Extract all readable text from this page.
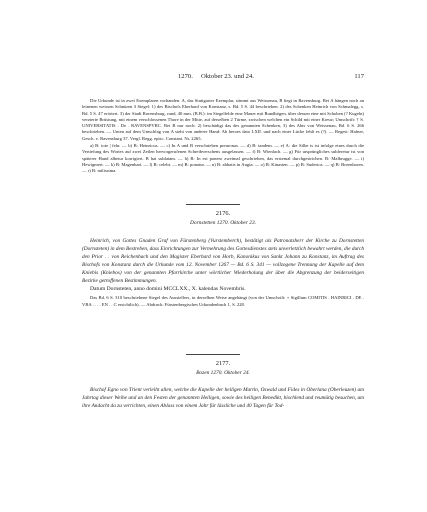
1270. Oktober 23. und 24.	117

Die Urkunde ist in zwei Exemplaren vorhanden. A, das Stuttgarter Exemplar, stimmt aus Weissenau, B liegt in Ravensburg. Bei A hängen noch an leinenen weissen Schnüren 3 Siegel: 1) des Bischofs Eberhard von Konstanz, s. Bd. 5 S. 44 beschrieben. 2) des Schenken Heinrich von Schmalegg, s. Bd. 5 S. 47 erörtert. 3) der Stadt Ravensburg, rund, 40 mm, (B.B.): im Siegelfelde eine Mauer mit Rundbögen, über dessen eine mit Schoben (? Kugeln) verzierte Brüstung, mit einem verschlossenen Thore in der Mitte, auf derselben 2 Türme, zwischen welchen ein Schild mit einer Kreuz; Umschrift: † S. UNIVERSITATIS . De . RAVENSPVRC. Bei B nur noch: 2) beschädigt das des genannten Schenken, 3) des Abts von Weissenau, Bd. 6 S. 266 beschrieben. — Unten auf dem Umschlag von A steht von anderer Hand: Ab heroes dato LXII. und nach einer Lücke fehlt es (?). — Regest: Hafner, Gesch. v. Ravensburg 37. Vergl. Regg. episc. Constant. Nr. 2265.

a) B: tote | fehr. — b) B: Heinricus. — c) In A und B verschrieben preuronas. — d) B: tandem. — e) A: die Silbe is ist infolge eines durch die Vertiefung des Wortes auf zwei Zeilen hervorgerufenen Schreibverschens ausgelassen. — f) B: Wienlach. — g) Für ursprüngliches subleretur ist von späterer Hand albetur korrigiert. B hat sublatam. — h) B: In est ponero zweimal geschrieben, das erstemal durchgestrichen. B: Malbrugge. — i) Hewigmert. — k) B: Magenhart. — l) B: celebt. — m) B: ponatur. — n) B: abbatis in Augia. — o) B: Kinasten. — p) B: Suderica. — q) B: Borenhoren. — r) B: milissima.

2176.

Dornstetten 1270. Oktober 23.

Heinrich, von Gottes Gnaden Graf von Fürstenberg (Vurstemberch), bestätigt als Patronatsherr der Kirche zu Dornstetten (Dornsteten) in dem Bestreben, dass Einrichtungen zur Vermehrung des Gottesdienstes stets unverletzlich bewahrt werden, die durch den Prior . . von Reichenbach und den Magister Eberhard von Horb, Kanonikus von Sankt Johann zu Konstanz, im Auftrag des Bischofs von Konstanz durch die Urkunde vom 12. November 1267 — Bd. 6 S. 341 — vollzogene Trennung der Kapelle auf dem Kniebis (Kniebos) von der genannten Pfarrkirche unter wörtlicher Wiederholung der über die Abgrenzung der beiderseitigen Bezirke getroffenen Bestimmungen.

Datum Dornsteten, anno domini MCCLXX., X. kalendas Novembris.

Das Bd. 6 S. 310 beschriebene Siegel des Ausstellers, in derselben Weise angehängt (von der Umschrift: + Sigillum COMITIS . HAINRICI . DE . VRA . . . . EN . . C ersichtlich). — Abdruck: Fürstenbergisches Urkundenbuch 1, S. 228.

2177.

Bozen 1270. Oktober 24.

Bischof Egno von Trient verleiht allen, welche die Kapelle der heiligen Martin, Oswald und Fides in Oberlana (Oberleuzen) am Jahrtag dieser Weihe und an den Festen der genannten Heiligen, sowie des heiligen Benedikt, bischlend und reumütig besuchen, um ihre Andacht da zu verrichten, einen Ablass von einem Jahr für lässliche und 40 Tagen für Tod-
